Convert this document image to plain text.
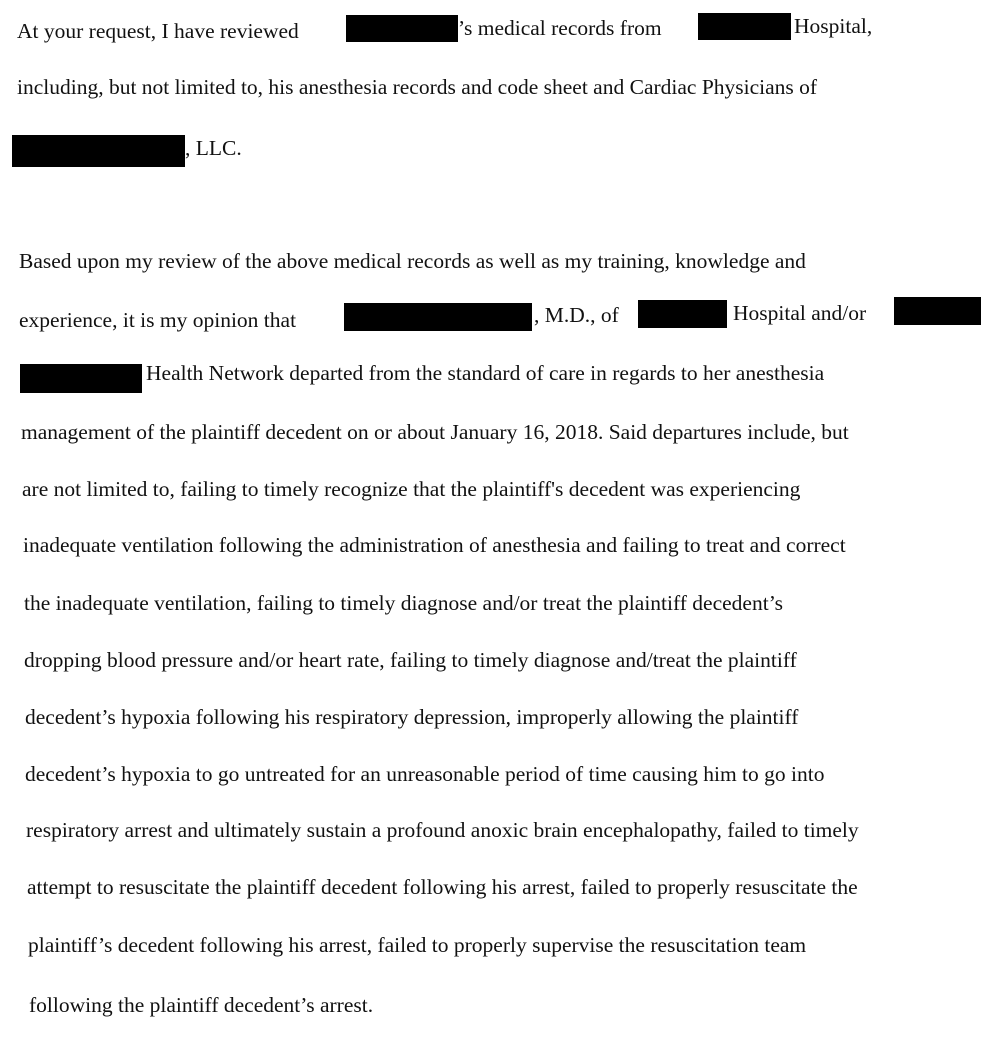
At your request, I have reviewed	’s medical records from	Hospital,
including, but not limited to, his anesthesia records and code sheet and Cardiac Physicians of
, LLC.
Based upon my review of the above medical records as well as my training, knowledge and
experience, it is my opinion that	, M.D., of	Hospital and/or
Health Network departed from the standard of care in regards to her anesthesia
management of the plaintiff decedent on or about January 16, 2018. Said departures include, but
are not limited to, failing to timely recognize that the plaintiff's decedent was experiencing
inadequate ventilation following the administration of anesthesia and failing to treat and correct
the inadequate ventilation, failing to timely diagnose and/or treat the plaintiff decedent’s
dropping blood pressure and/or heart rate, failing to timely diagnose and/treat the plaintiff
decedent’s hypoxia following his respiratory depression, improperly allowing the plaintiff
decedent’s hypoxia to go untreated for an unreasonable period of time causing him to go into
respiratory arrest and ultimately sustain a profound anoxic brain encephalopathy, failed to timely
attempt to resuscitate the plaintiff decedent following his arrest, failed to properly resuscitate the
plaintiff’s decedent following his arrest, failed to properly supervise the resuscitation team
following the plaintiff decedent’s arrest.
